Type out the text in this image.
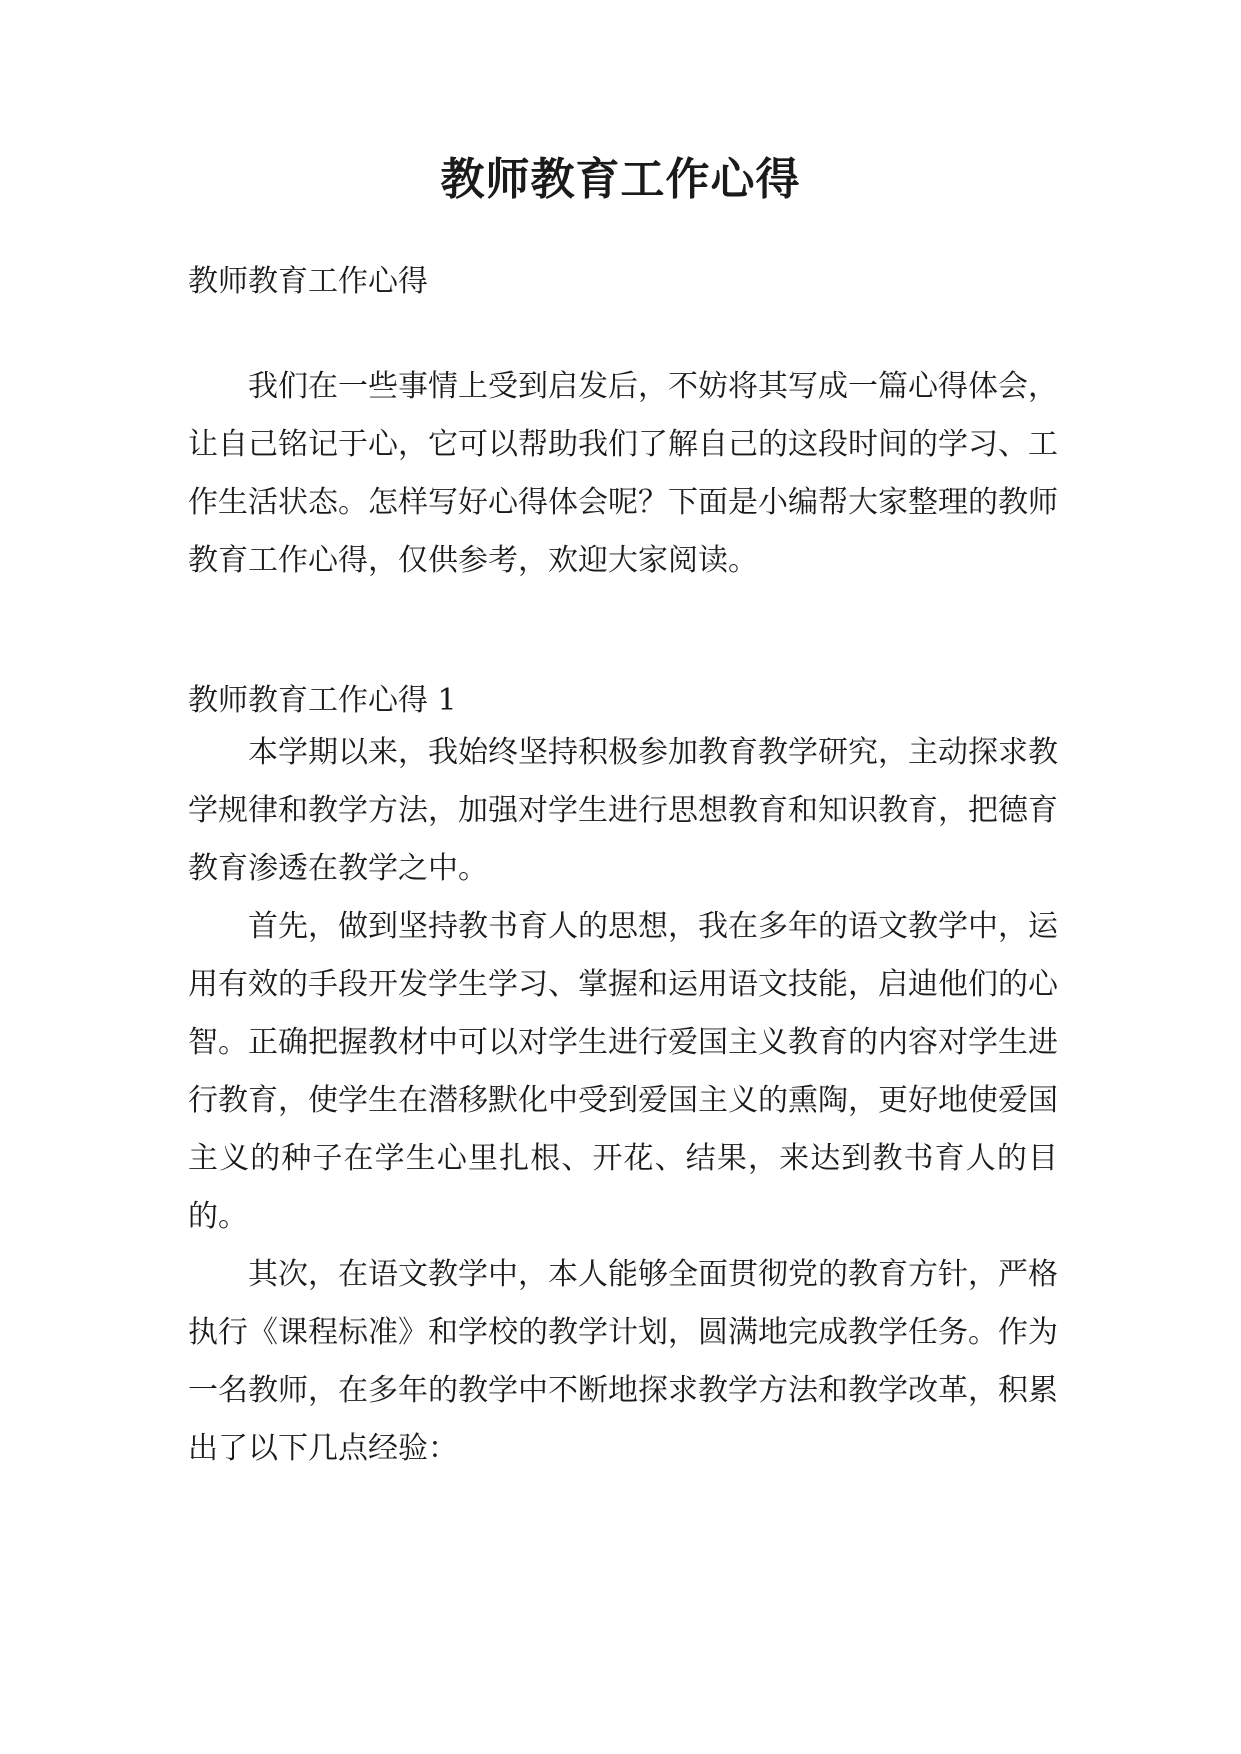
教师教育工作心得
教师教育工作心得

我们在一些事情上受到启发后，不妨将其写成一篇心得体会，让自己铭记于心，它可以帮助我们了解自己的这段时间的学习、工作生活状态。怎样写好心得体会呢？下面是小编帮大家整理的教师教育工作心得，仅供参考，欢迎大家阅读。

教师教育工作心得 1

本学期以来，我始终坚持积极参加教育教学研究，主动探求教学规律和教学方法，加强对学生进行思想教育和知识教育，把德育教育渗透在教学之中。

首先，做到坚持教书育人的思想，我在多年的语文教学中，运用有效的手段开发学生学习、掌握和运用语文技能，启迪他们的心智。正确把握教材中可以对学生进行爱国主义教育的内容对学生进行教育，使学生在潜移默化中受到爱国主义的熏陶，更好地使爱国主义的种子在学生心里扎根、开花、结果，来达到教书育人的目的。

其次，在语文教学中，本人能够全面贯彻党的教育方针，严格执行《课程标准》和学校的教学计划，圆满地完成教学任务。作为一名教师，在多年的教学中不断地探求教学方法和教学改革，积累出了以下几点经验：
